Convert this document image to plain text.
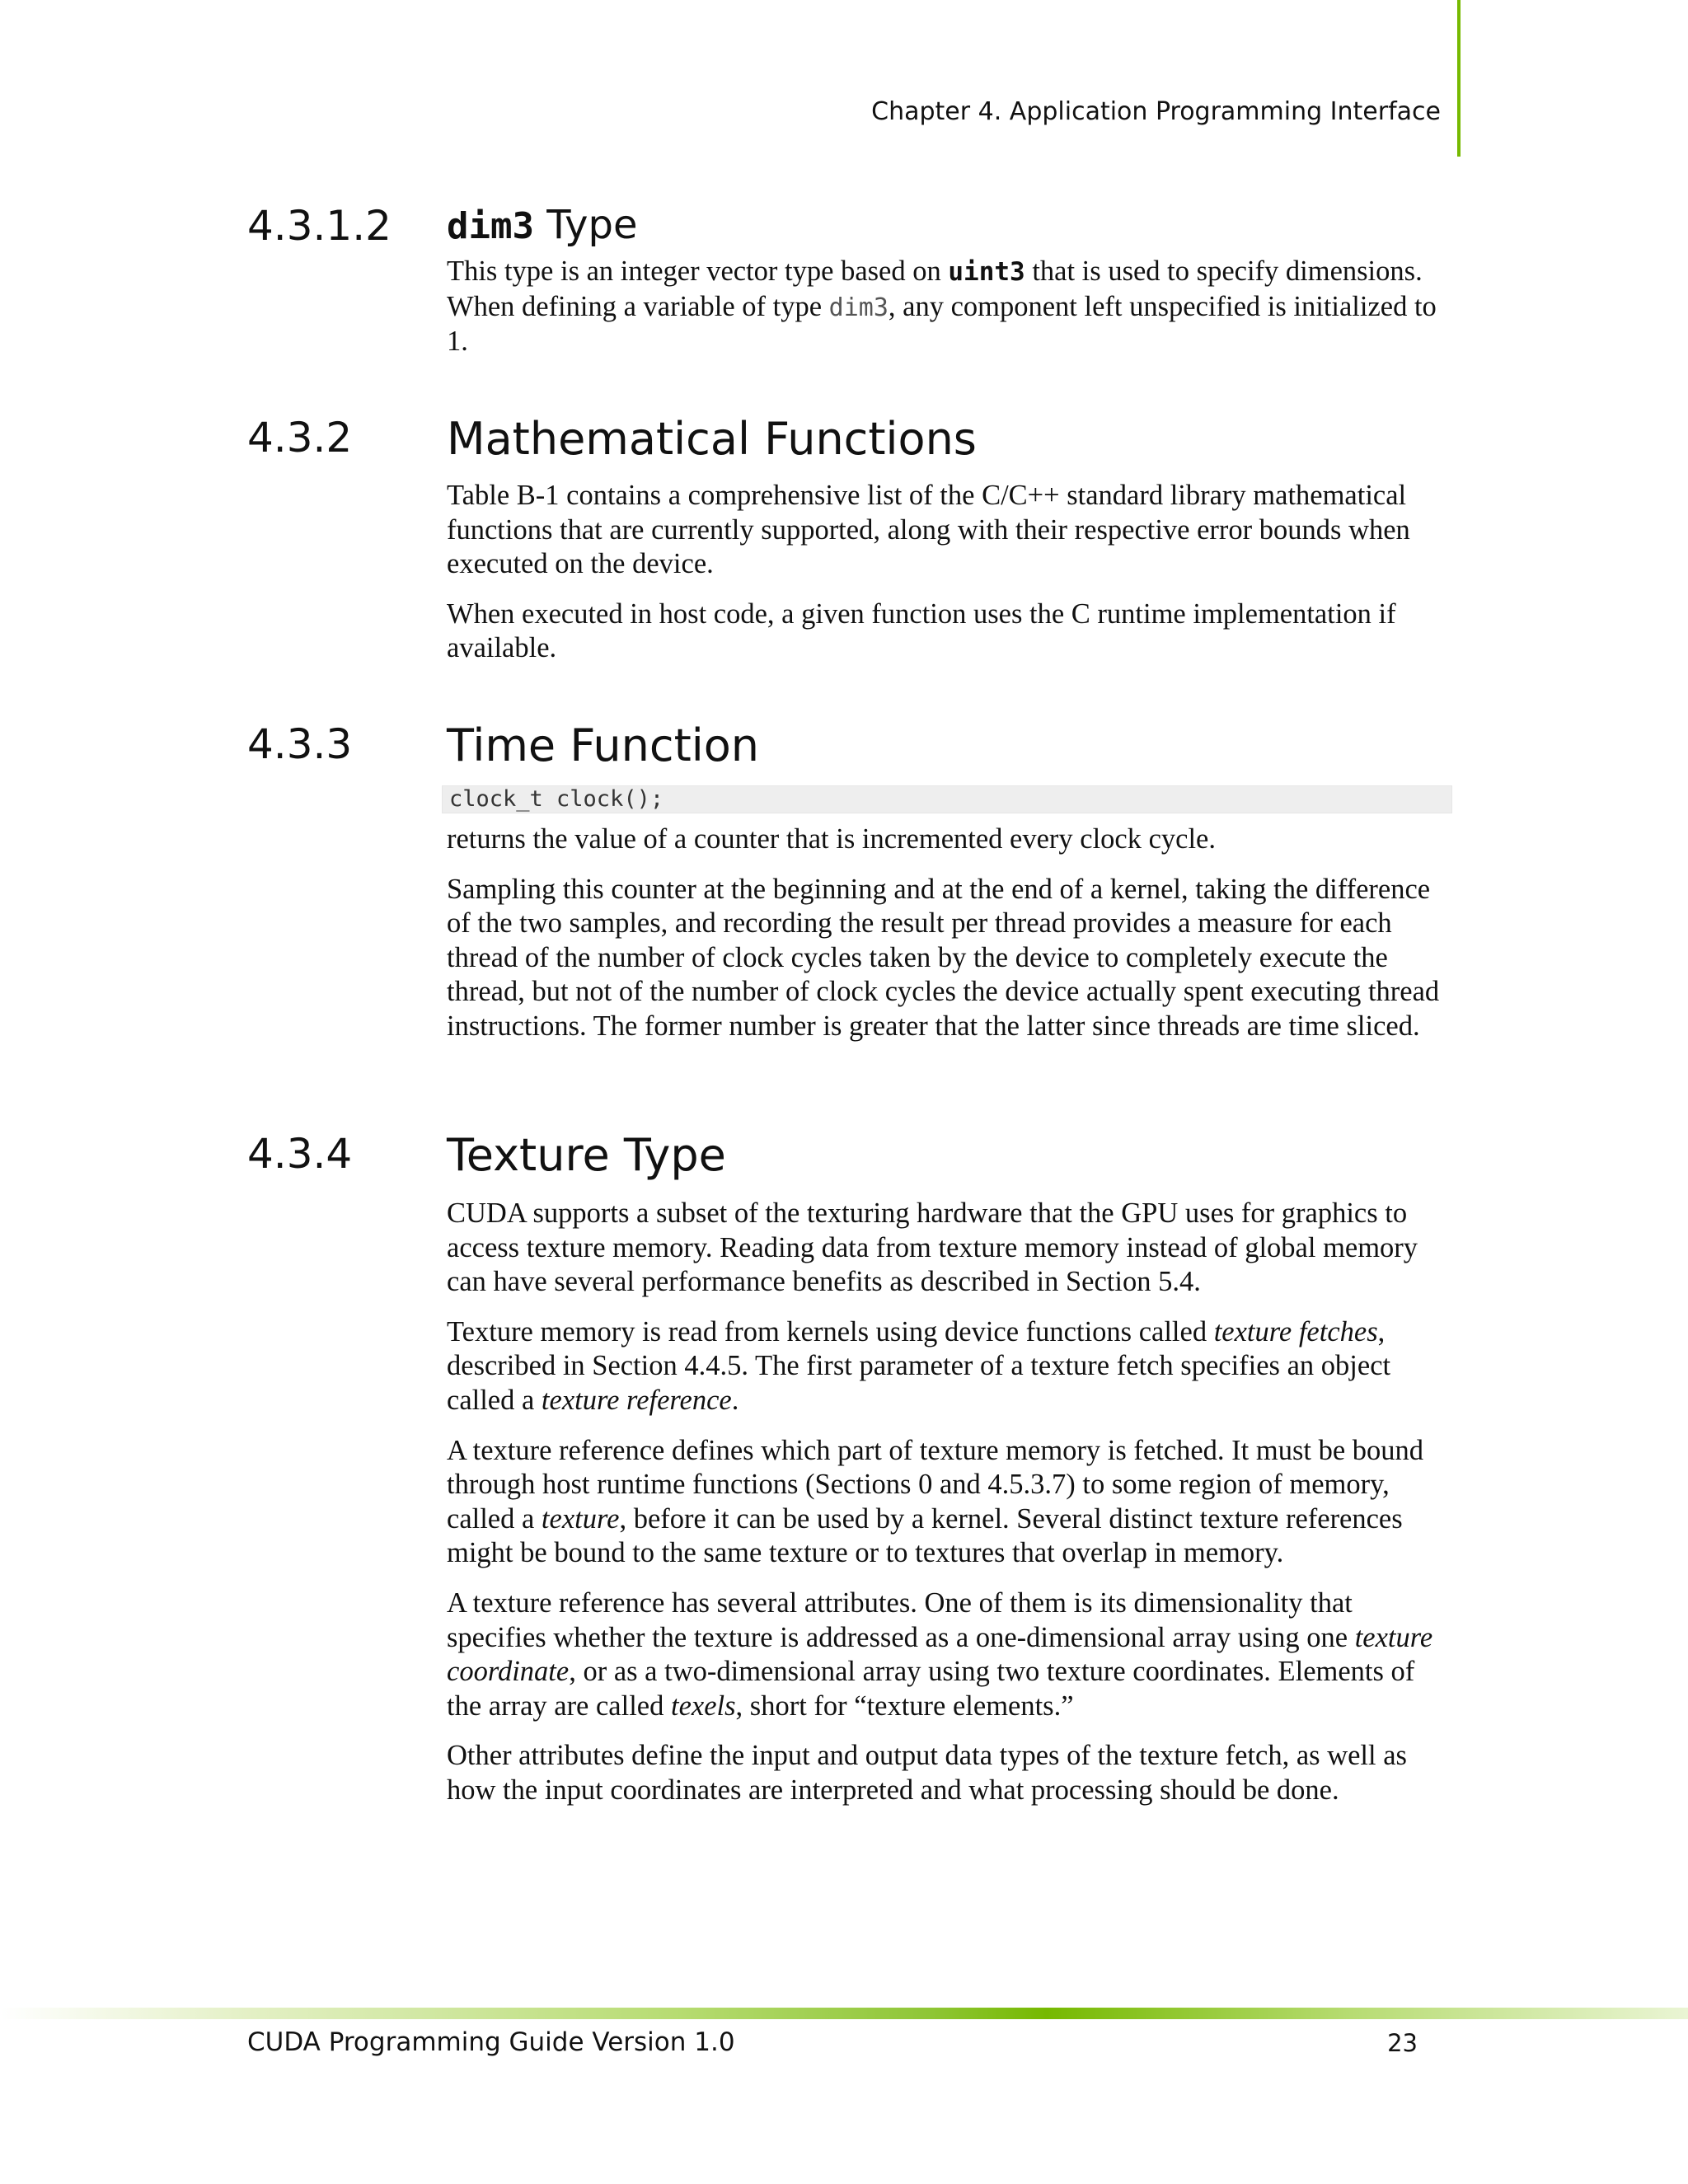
Chapter 4. Application Programming Interface
4.3.1.2 dim3 Type

This type is an integer vector type based on uint3 that is used to specify dimensions. When defining a variable of type dim3, any component left unspecified is initialized to 1.

4.3.2 Mathematical Functions

Table B-1 contains a comprehensive list of the C/C++ standard library mathematical functions that are currently supported, along with their respective error bounds when executed on the device.

When executed in host code, a given function uses the C runtime implementation if available.

4.3.3 Time Function
clock_t clock();

returns the value of a counter that is incremented every clock cycle.

Sampling this counter at the beginning and at the end of a kernel, taking the difference of the two samples, and recording the result per thread provides a measure for each thread of the number of clock cycles taken by the device to completely execute the thread, but not of the number of clock cycles the device actually spent executing thread instructions. The former number is greater that the latter since threads are time sliced.

4.3.4 Texture Type

CUDA supports a subset of the texturing hardware that the GPU uses for graphics to access texture memory. Reading data from texture memory instead of global memory can have several performance benefits as described in Section 5.4.

Texture memory is read from kernels using device functions called texture fetches, described in Section 4.4.5. The first parameter of a texture fetch specifies an object called a texture reference.

A texture reference defines which part of texture memory is fetched. It must be bound through host runtime functions (Sections 0 and 4.5.3.7) to some region of memory, called a texture, before it can be used by a kernel. Several distinct texture references might be bound to the same texture or to textures that overlap in memory.

A texture reference has several attributes. One of them is its dimensionality that specifies whether the texture is addressed as a one-dimensional array using one texture coordinate, or as a two-dimensional array using two texture coordinates. Elements of the array are called texels, short for “texture elements.”

Other attributes define the input and output data types of the texture fetch, as well as how the input coordinates are interpreted and what processing should be done.

CUDA Programming Guide Version 1.0	23
